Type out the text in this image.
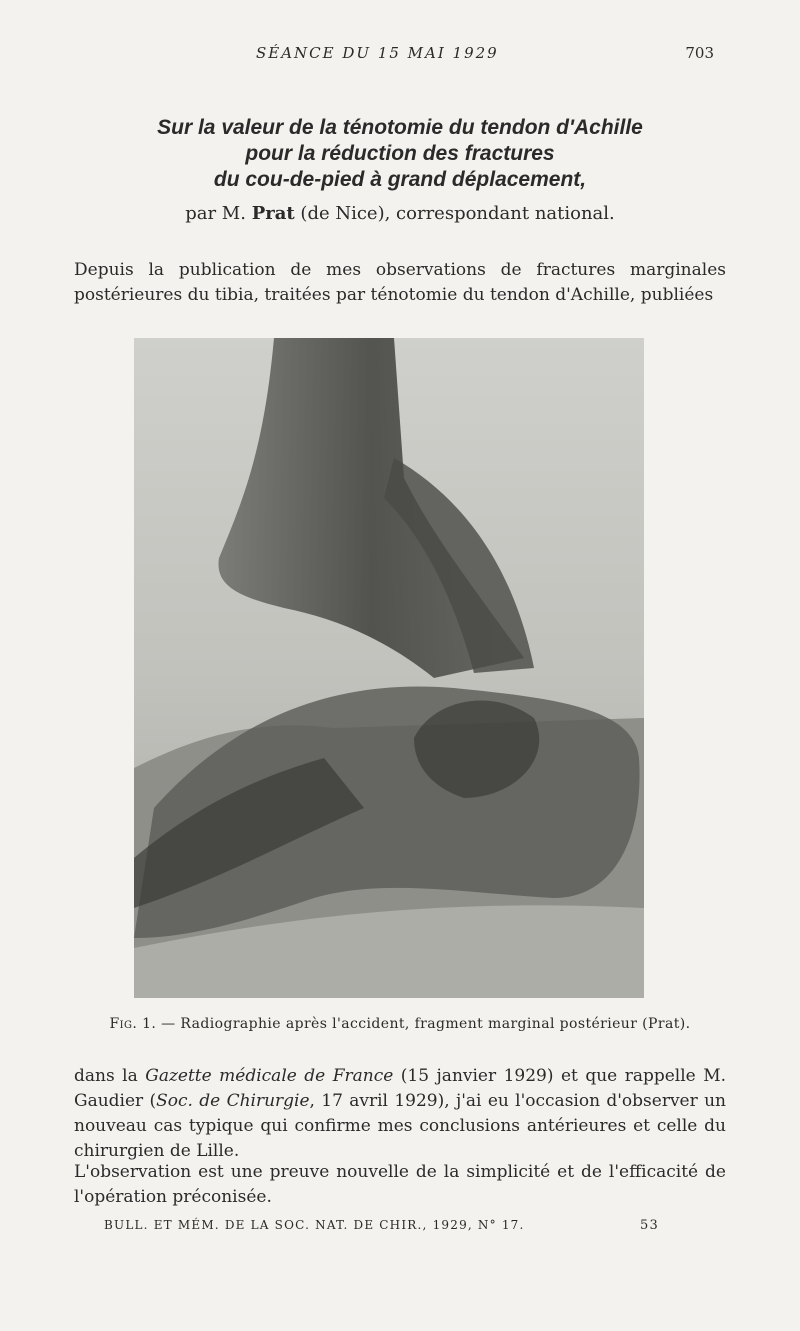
SÉANCE DU 15 MAI 1929	703
Sur la valeur de la ténotomie du tendon d'Achille
pour la réduction des fractures
du cou-de-pied à grand déplacement,
par M. Prat (de Nice), correspondant national.

Depuis la publication de mes observations de fractures marginales postérieures du tibia, traitées par ténotomie du tendon d'Achille, publiées

Fig. 1. — Radiographie après l'accident, fragment marginal postérieur (Prat).

dans la Gazette médicale de France (15 janvier 1929) et que rappelle M. Gaudier (Soc. de Chirurgie, 17 avril 1929), j'ai eu l'occasion d'observer un nouveau cas typique qui confirme mes conclusions antérieures et celle du chirurgien de Lille.

L'observation est une preuve nouvelle de la simplicité et de l'efficacité de l'opération préconisée.

BULL. ET MÉM. DE LA SOC. NAT. DE CHIR., 1929, N° 17.	53
